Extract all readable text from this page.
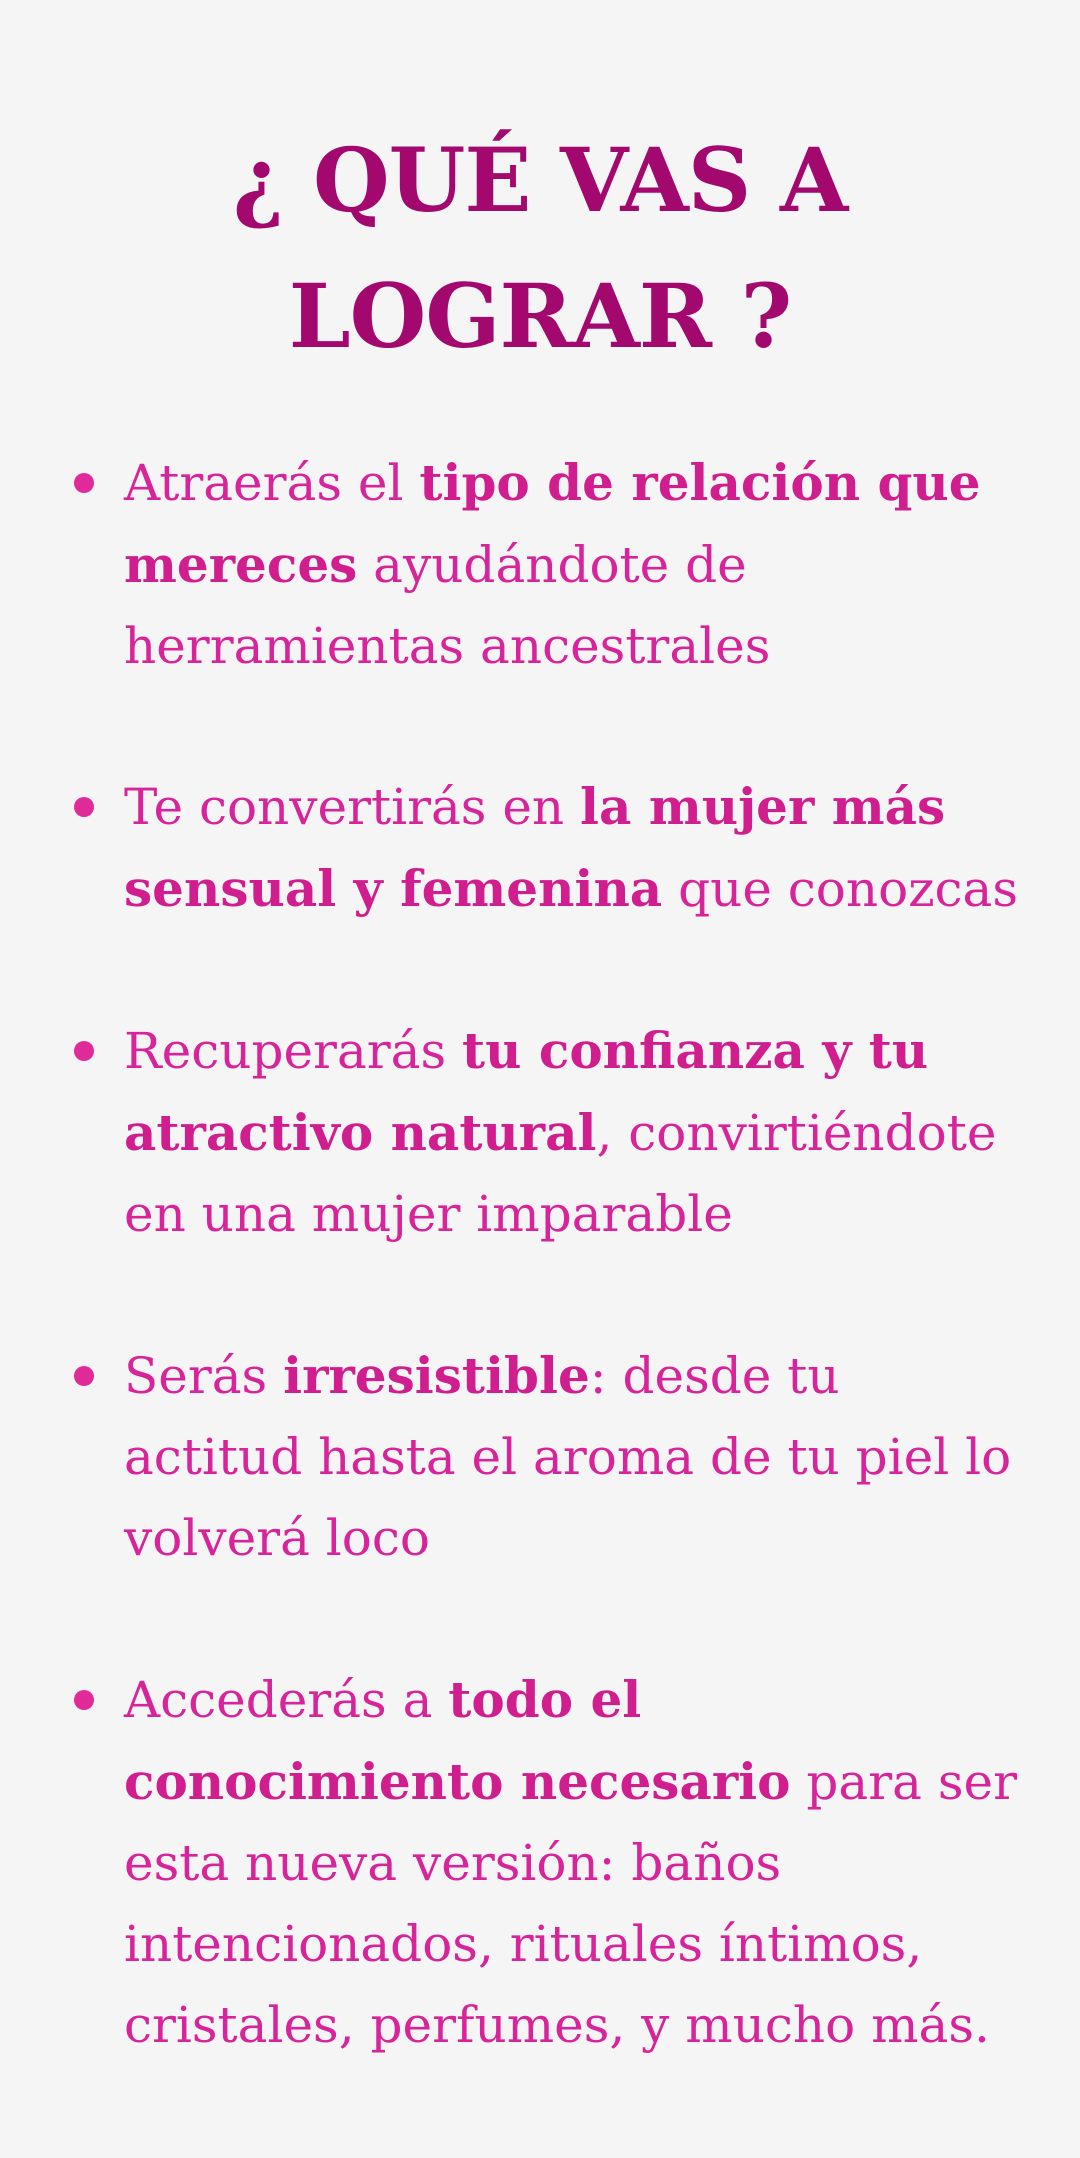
¿ QUÉ VAS A
LOGRAR ?
Atraerás el tipo de relación que mereces ayudándote de herramientas ancestrales
Te convertirás en la mujer más sensual y femenina que conozcas
Recuperarás tu confianza y tu atractivo natural, convirtiéndote en una mujer imparable
Serás irresistible: desde tu actitud hasta el aroma de tu piel lo volverá loco
Accederás a todo el conocimiento necesario para ser esta nueva versión: baños intencionados, rituales íntimos, cristales, perfumes, y mucho más.
